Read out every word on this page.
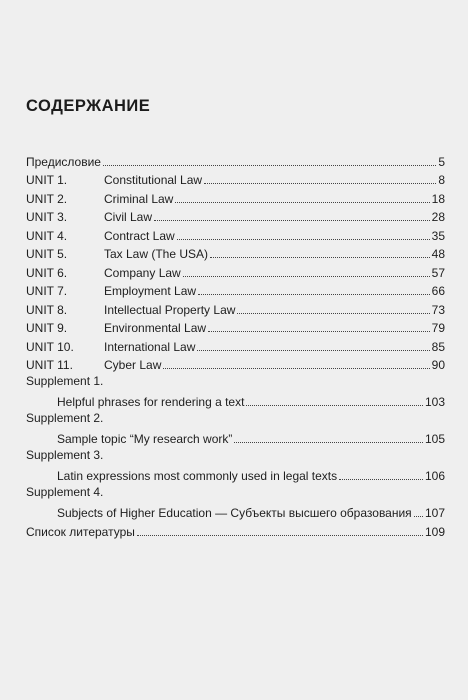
СОДЕРЖАНИЕ
Предисловие	5
UNIT 1.	Constitutional Law	8
UNIT 2.	Criminal Law	18
UNIT 3.	Civil Law	28
UNIT 4.	Contract Law	35
UNIT 5.	Tax Law (The USA)	48
UNIT 6.	Company Law	57
UNIT 7.	Employment Law	66
UNIT 8.	Intellectual Property Law	73
UNIT 9.	Environmental Law	79
UNIT 10.	International Law	85
UNIT 11.	Cyber Law	90
Supplement 1.
Helpful phrases for rendering a text	103
Supplement 2.
Sample topic “My research work”	105
Supplement 3.
Latin expressions most commonly used in legal texts	106
Supplement 4.
Subjects of Higher Education — Субъекты высшего образования 107
Список литературы	109
